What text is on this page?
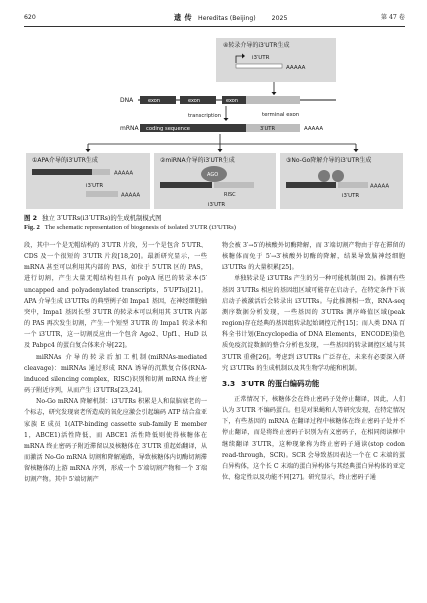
620	遗 传 Hereditas (Beijing)	2025	第 47 卷
④转录介导的i3′UTR生成
i3′UTR
AAAAA
DNA	exon	exon	exon
terminal exon
transcription
mRNA coding sequence	3′UTR	AAAAA
①APA介导的i3′UTR生成
AAAAA
i3′UTR
AAAAA
②miRNA介导的i3′UTR生成
AGO
RISC
i3′UTR
③No-Go降解介导的i3′UTR生成
i3′UTR
AAAAA
图 2 独立 3′UTRs(i3′UTRs)的生成机制模式图
Fig. 2 The schematic representation of biogenesis of isolated 3′UTR (i3′UTRs)

段，其中一个是无帽结构的 3′UTR 片段，另一个是包含 5′UTR、CDS 及一个很短的 3′UTR 片段[18,20]。最新研究显示，一些 mRNA 甚至可以利用其内部的 PAS，如位于 5′UTR 区的 PAS，进行切割，产生大量无帽结构但具有 polyA 尾巴的转录本(5′ uncapped and polyadenylated transcripts，5′UPTs)[21]。APA 介导生成 i3′UTRs 的典型例子如 Impa1 基因，在神经细胞轴突中，Impa1 基因长型 3′UTR 的转录本可以利用其 3′UTR 内部的 PAS 再次发生切割，产生一个短型 3′UTR 的 Impa1 转录本和一个 i3′UTR，这一切割反应由一个包含 Ago2、Upf1、HuD 以及 Pabpc4 的蛋白复合体来介导[22]。

miRNAs 介导的转录后加工机制(miRNAs-mediated cleavage)：miRNAs 通过形成 RNA 诱导的沉默复合体(RNA-induced silencing complex，RISC)识别和切割 mRNA 终止密码子附近序列，从而产生 i3′UTRs[23,24]。

No-Go mRNA 降解机制：i3′UTRs 积累是人和鼠脑衰老的一个标志，研究发现衰老所造成的氧化应激会引起编码 ATP 结合盒亚家族 E 成员 1(ATP-binding cassette sub-family E member 1，ABCE1)活性降低，而 ABCE1 活性降低则使得核糖体在 mRNA 终止密码子附近滞留以及核糖体在 3′UTR 重起始翻译，从而激活 No-Go mRNA 切割和降解通路，导致核糖体内切酶切割滞留核糖体的上游 mRNA 序列，形成一个 5′端切割产物和一个 3′端切割产物。其中 5′端切割产

物会被 3′→5′的核酸外切酶降解，而 3′端切割产物由于存在滞留的核糖体而免于 5′→3′核酸外切酶的降解，结果导致脑神经细胞 i3′UTRs 的大量积累[25]。

单独转录是 i3′UTRs 产生的另一种可能机制(图 2)。推测有些基因 3′UTRs 相应的基因组区域可能存在启动子，在特定条件下该启动子被激活后会转录出 i3′UTRs。与此推测相一致，RNA-seq 测序数据分析发现，一些基因的 3′UTRs 测序峰值区域(peak region)存在经典的基因组转录起始调控元件[15]；而人类 DNA 百科全书计划(Encyclopedia of DNA Elements，ENCODE)染色质免疫沉淀数据的整合分析也发现，一些基因的转录调控区域与其 3′UTR 重叠[26]。考虑到 i3′UTRs 广泛存在，未来有必要深入研究 i3′UTRs 的生成机制以及其生物学功能和机制。

3.3 3′UTR 的蛋白编码功能

正常情况下，核糖体会在终止密码子处停止翻译，因此，人们认为 3′UTR 不编码蛋白。但是对果蝇和人等研究发现，在特定情况下，有些基因的 mRNA 在翻译过程中核糖体在终止密码子处并不停止翻译，而是将终止密码子识别为有义密码子，在相同阅读框中继续翻译 3′UTR，这种现象称为终止密码子通读(stop codon read-through，SCR)。SCR 会导致基因表达一个在 C 末端的蛋白异构体，这个长 C 末端的蛋白异构体与其经典蛋白异构体的亚定位、稳定性以及功能不同[27]。研究显示，终止密码子通
